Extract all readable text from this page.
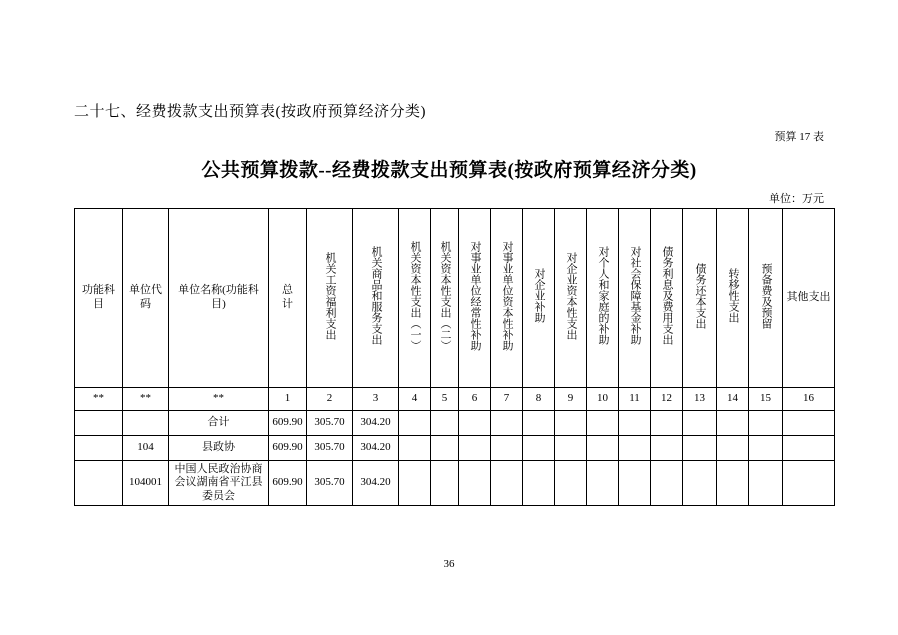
二十七、经费拨款支出预算表(按政府预算经济分类)
预算 17 表
公共预算拨款--经费拨款支出预算表(按政府预算经济分类)
单位：万元
功能科目	单位代码	单位名称(功能科目)	总　计	机关工资福利支出	机关商品和服务支出	机关资本性支出（一）	机关资本性支出（二）	对事业单位经常性补助	对事业单位资本性补助	对企业补助	对企业资本性支出	对个人和家庭的补助	对社会保障基金补助	债务利息及费用支出	债务还本支出	转移性支出	预备费及预留	其他支出
**	**	**	1	2	3	4	5	6	7	8	9	10	11	12	13	14	15	16
		合计	609.90	305.70	304.20													
	104	县政协	609.90	305.70	304.20													
	104001	中国人民政治协商会议湖南省平江县委员会	609.90	305.70	304.20													
36
